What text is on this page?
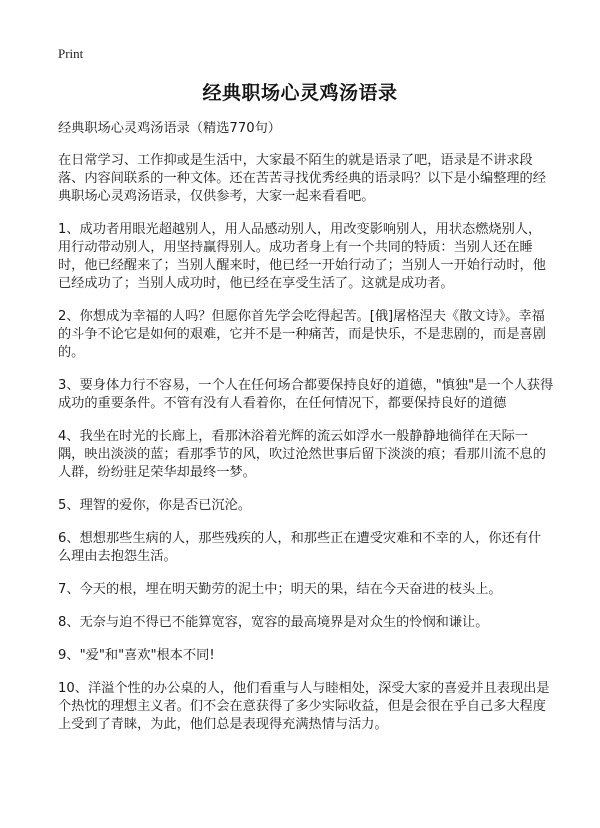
Print
经典职场心灵鸡汤语录

经典职场心灵鸡汤语录（精选770句）

在日常学习、工作抑或是生活中，大家最不陌生的就是语录了吧，语录是不讲求段落、内容间联系的一种文体。还在苦苦寻找优秀经典的语录吗？以下是小编整理的经典职场心灵鸡汤语录，仅供参考，大家一起来看看吧。

1、成功者用眼光超越别人，用人品感动别人，用改变影响别人，用状态燃烧别人，用行动带动别人，用坚持赢得别人。成功者身上有一个共同的特质：当别人还在睡时，他已经醒来了；当别人醒来时，他已经一开始行动了；当别人一开始行动时，他已经成功了；当别人成功时，他已经在享受生活了。这就是成功者。

2、你想成为幸福的人吗？但愿你首先学会吃得起苦。[俄]屠格涅夫《散文诗》。幸福的斗争不论它是如何的艰难，它并不是一种痛苦，而是快乐，不是悲剧的，而是喜剧的。

3、要身体力行不容易，一个人在任何场合都要保持良好的道德，"慎独"是一个人获得成功的重要条件。不管有没有人看着你，在任何情况下，都要保持良好的道德

4、我坐在时光的长廊上，看那沐浴着光辉的流云如浮水一般静静地徜徉在天际一隅，映出淡淡的蓝；看那季节的风，吹过沧然世事后留下淡淡的痕；看那川流不息的人群，纷纷驻足荣华却最终一梦。

5、理智的爱你，你是否已沉沦。

6、想想那些生病的人，那些残疾的人，和那些正在遭受灾难和不幸的人，你还有什么理由去抱怨生活。

7、今天的根，埋在明天勤劳的泥土中；明天的果，结在今天奋进的枝头上。

8、无奈与迫不得已不能算宽容，宽容的最高境界是对众生的怜悯和谦让。

9、"爱"和"喜欢"根本不同!

10、洋溢个性的办公桌的人，他们看重与人与睦相处，深受大家的喜爱并且表现出是个热忱的理想主义者。们不会在意获得了多少实际收益，但是会很在乎自己多大程度上受到了青睐，为此，他们总是表现得充满热情与活力。
